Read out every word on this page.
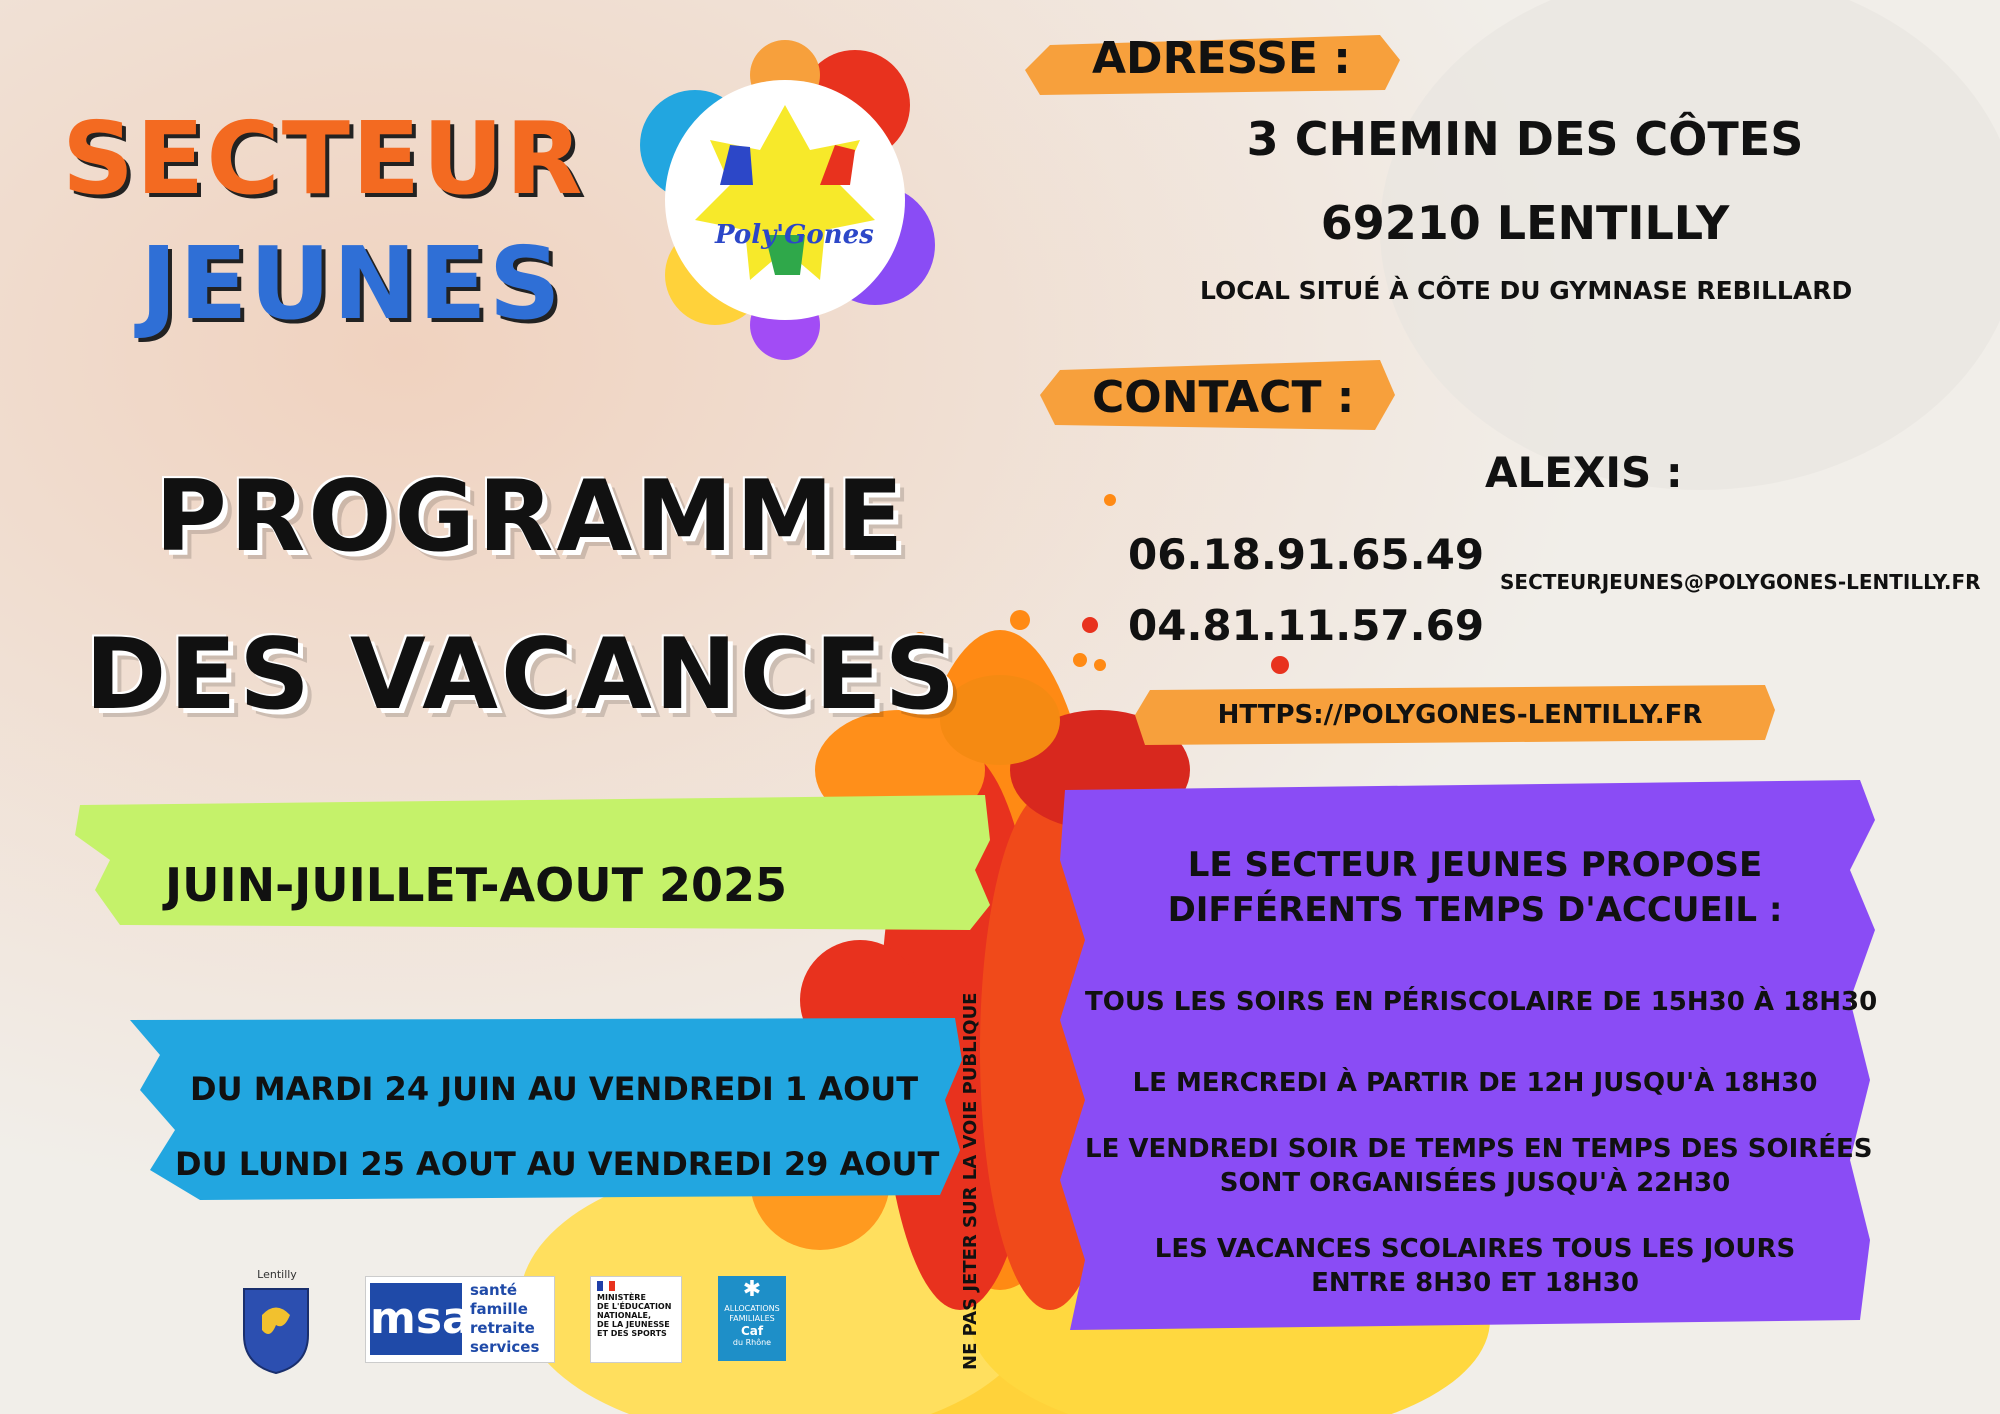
Poly'Gones
SECTEUR
JEUNES
PROGRAMME
DES VACANCES
ADRESSE :
3 CHEMIN DES CÔTES
69210 LENTILLY
LOCAL SITUÉ À CÔTE DU GYMNASE REBILLARD
CONTACT :
ALEXIS :
06.18.91.65.49
04.81.11.57.69
SECTEURJEUNES@POLYGONES-LENTILLY.FR
HTTPS://POLYGONES-LENTILLY.FR
JUIN-JUILLET-AOUT 2025
DU MARDI 24 JUIN AU VENDREDI 1 AOUT
DU LUNDI 25 AOUT AU VENDREDI 29 AOUT NE PAS JETER SUR LA VOIE PUBLIQUE
LE SECTEUR JEUNES PROPOSE
DIFFÉRENTS TEMPS D'ACCUEIL :
TOUS LES SOIRS EN PÉRISCOLAIRE DE 15H30 À 18H30
LE MERCREDI À PARTIR DE 12H JUSQU'À 18H30
LE VENDREDI SOIR DE TEMPS EN TEMPS DES SOIRÉES
SONT ORGANISÉES JUSQU'À 22H30
LES VACANCES SCOLAIRES TOUS LES JOURS
ENTRE 8H30 ET 18H30
Lentilly
msa
santé
famille
retraite
services
MINISTÈRE
DE L'ÉDUCATION
NATIONALE,
DE LA JEUNESSE
ET DES SPORTS
✱
ALLOCATIONS
FAMILIALES
Caf
du Rhône
